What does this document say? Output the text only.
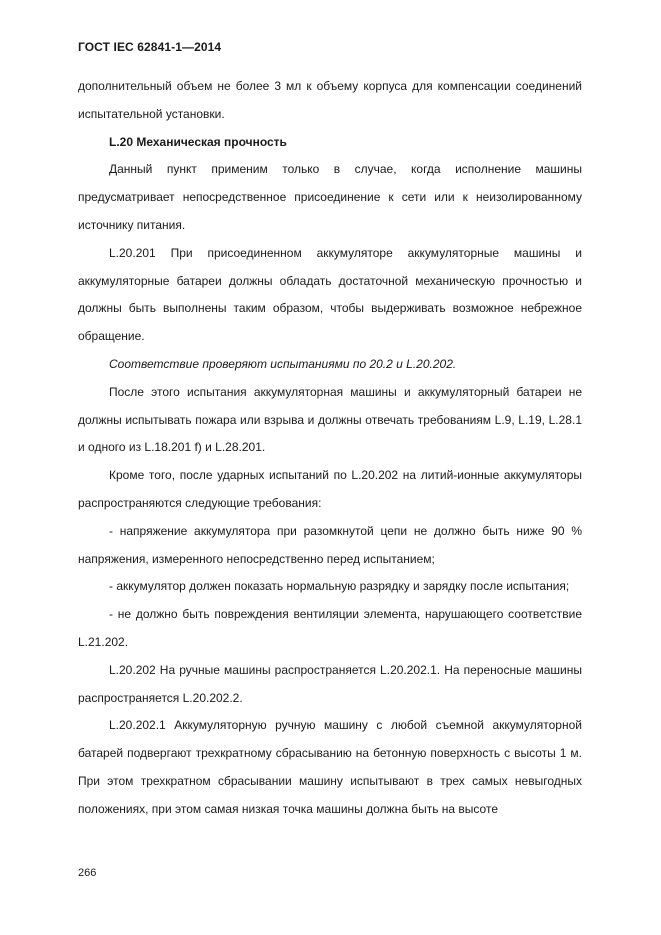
ГОСТ IEC 62841-1—2014

дополнительный объем не более 3 мл к объему корпуса для компенсации соединений испытательной установки.

L.20 Механическая прочность

Данный пункт применим только в случае, когда исполнение машины предусматривает непосредственное присоединение к сети или к неизолированному источнику питания.

L.20.201 При присоединенном аккумуляторе аккумуляторные машины и аккумуляторные батареи должны обладать достаточной механическую прочностью и должны быть выполнены таким образом, чтобы выдерживать возможное небрежное обращение.

Соответствие проверяют испытаниями по 20.2 и L.20.202.

После этого испытания аккумуляторная машины и аккумуляторный батареи не должны испытывать пожара или взрыва и должны отвечать требованиям L.9, L.19, L.28.1 и одного из L.18.201 f) и L.28.201.

Кроме того, после ударных испытаний по L.20.202 на литий-ионные аккумуляторы распространяются следующие требования:

- напряжение аккумулятора при разомкнутой цепи не должно быть ниже 90 % напряжения, измеренного непосредственно перед испытанием;

- аккумулятор должен показать нормальную разрядку и зарядку после испытания;

- не должно быть повреждения вентиляции элемента, нарушающего соответствие L.21.202.

L.20.202 На ручные машины распространяется L.20.202.1. На переносные машины распространяется L.20.202.2.

L.20.202.1 Аккумуляторную ручную машину с любой съемной аккумуляторной батарей подвергают трехкратному сбрасыванию на бетонную поверхность с высоты 1 м. При этом трехкратном сбрасывании машину испытывают в трех самых невыгодных положениях, при этом самая низкая точка машины должна быть на высоте

266
